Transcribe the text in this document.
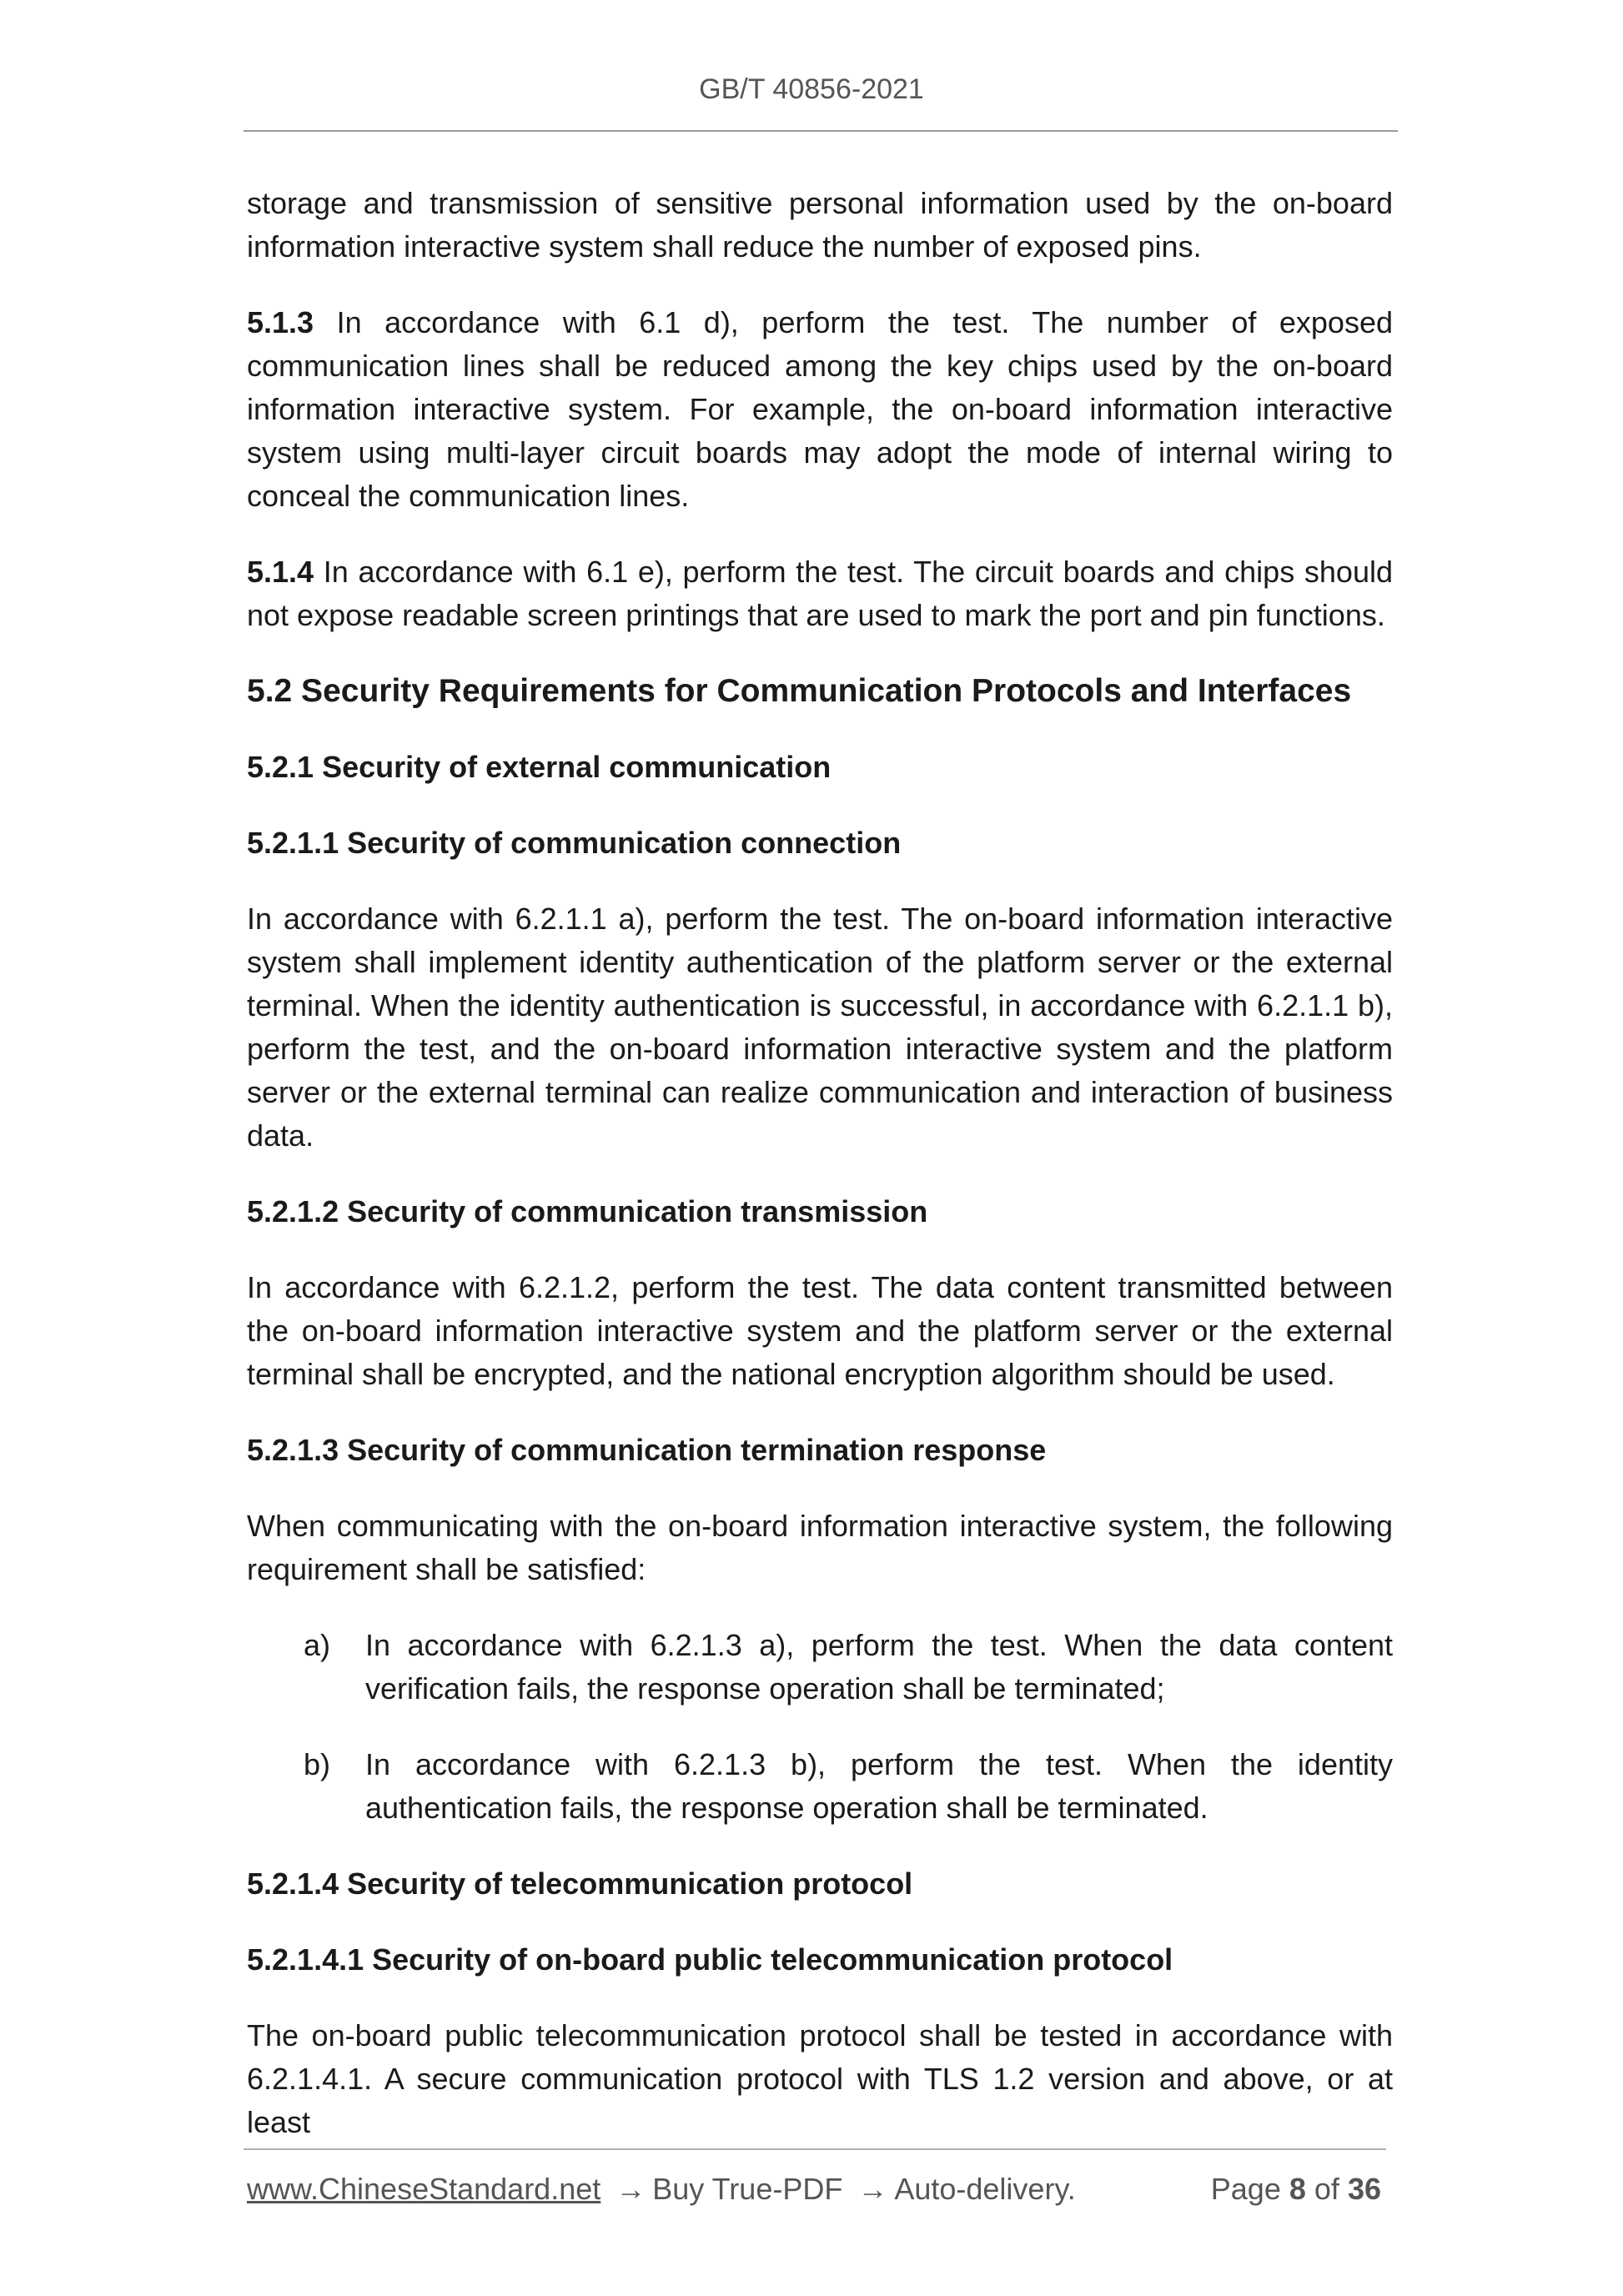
GB/T 40856-2021

storage and transmission of sensitive personal information used by the on-board information interactive system shall reduce the number of exposed pins.

5.1.3 In accordance with 6.1 d), perform the test. The number of exposed communication lines shall be reduced among the key chips used by the on-board information interactive system. For example, the on-board information interactive system using multi-layer circuit boards may adopt the mode of internal wiring to conceal the communication lines.

5.1.4 In accordance with 6.1 e), perform the test. The circuit boards and chips should not expose readable screen printings that are used to mark the port and pin functions.

5.2 Security Requirements for Communication Protocols and Interfaces
5.2.1 Security of external communication
5.2.1.1 Security of communication connection

In accordance with 6.2.1.1 a), perform the test. The on-board information interactive system shall implement identity authentication of the platform server or the external terminal. When the identity authentication is successful, in accordance with 6.2.1.1 b), perform the test, and the on-board information interactive system and the platform server or the external terminal can realize communication and interaction of business data.

5.2.1.2 Security of communication transmission

In accordance with 6.2.1.2, perform the test. The data content transmitted between the on-board information interactive system and the platform server or the external terminal shall be encrypted, and the national encryption algorithm should be used.

5.2.1.3 Security of communication termination response

When communicating with the on-board information interactive system, the following requirement shall be satisfied:

a)	In accordance with 6.2.1.3 a), perform the test. When the data content verification fails, the response operation shall be terminated;
b)	In accordance with 6.2.1.3 b), perform the test. When the identity authentication fails, the response operation shall be terminated.
5.2.1.4 Security of telecommunication protocol
5.2.1.4.1 Security of on-board public telecommunication protocol

The on-board public telecommunication protocol shall be tested in accordance with 6.2.1.4.1. A secure communication protocol with TLS 1.2 version and above, or at least

www.ChineseStandard.net → Buy True-PDF → Auto-delivery.	Page 8 of 36
